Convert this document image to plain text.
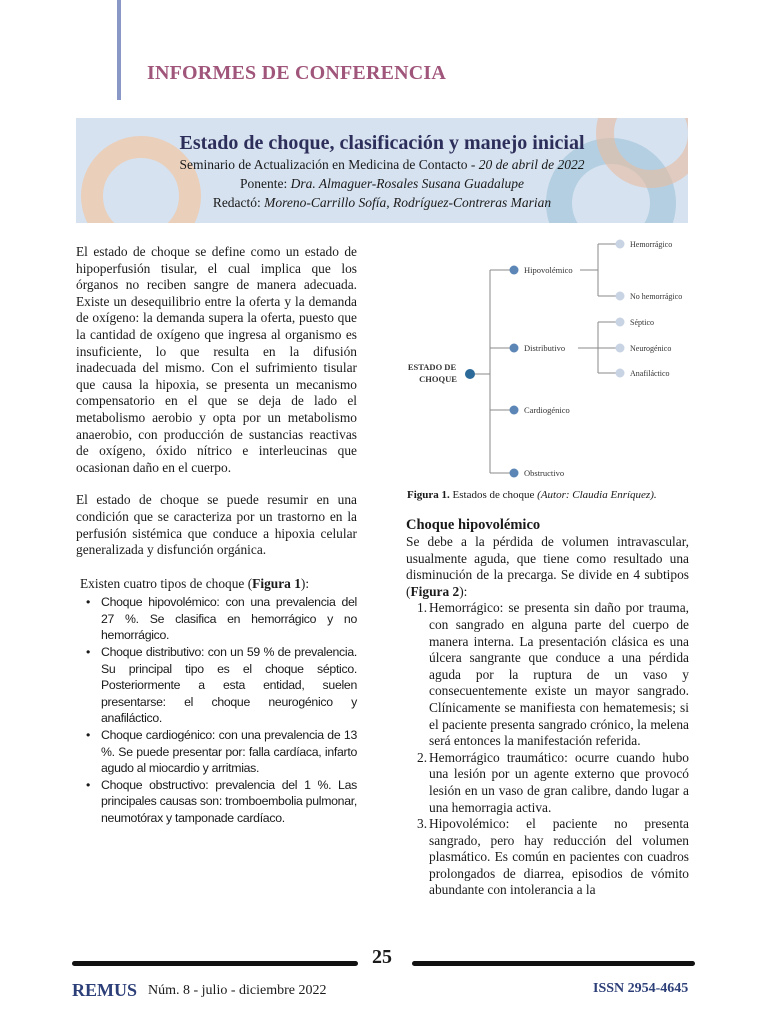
INFORMES DE CONFERENCIA
Estado de choque, clasificación y manejo inicial
Seminario de Actualización en Medicina de Contacto - 20 de abril de 2022
Ponente: Dra. Almaguer-Rosales Susana Guadalupe
Redactó: Moreno-Carrillo Sofía, Rodríguez-Contreras Marian

El estado de choque se define como un estado de hipoperfusión tisular, el cual implica que los órganos no reciben sangre de manera adecuada. Existe un desequilibrio entre la oferta y la demanda de oxígeno: la demanda supera la oferta, puesto que la cantidad de oxígeno que ingresa al organismo es insuficiente, lo que resulta en la difusión inadecuada del mismo. Con el sufrimiento tisular que causa la hipoxia, se presenta un mecanismo compensatorio en el que se deja de lado el metabolismo aerobio y opta por un metabolismo anaerobio, con producción de sustancias reactivas de oxígeno, óxido nítrico e interleucinas que ocasionan daño en el cuerpo.

El estado de choque se puede resumir en una condición que se caracteriza por un trastorno en la perfusión sistémica que conduce a hipoxia celular generalizada y disfunción orgánica.

Existen cuatro tipos de choque (Figura 1):
• Choque hipovolémico: con una prevalencia del 27 %. Se clasifica en hemorrágico y no hemorrágico.
• Choque distributivo: con un 59 % de prevalencia. Su principal tipo es el choque séptico. Posteriormente a esta entidad, suelen presentarse: el choque neurogénico y anafiláctico.
• Choque cardiogénico: con una prevalencia de 13 %. Se puede presentar por: falla cardíaca, infarto agudo al miocardio y arritmias.
• Choque obstructivo: prevalencia del 1 %. Las principales causas son: tromboembolia pulmonar, neumotórax y tamponade cardíaco.
ESTADO DE
CHOQUE
Hipovolémico
Distributivo
Cardiogénico
Obstructivo
Hemorrágico
No hemorrágico
Séptico
Neurogénico
Anafiláctico
Figura 1. Estados de choque (Autor: Claudia Enríquez).
Choque hipovolémico

Se debe a la pérdida de volumen intravascular, usualmente aguda, que tiene como resultado una disminución de la precarga. Se divide en 4 subtipos (Figura 2):

1. Hemorrágico: se presenta sin daño por trauma, con sangrado en alguna parte del cuerpo de manera interna. La presentación clásica es una úlcera sangrante que conduce a una pérdida aguda por la ruptura de un vaso y consecuentemente existe un mayor sangrado. Clínicamente se manifiesta con hematemesis; si el paciente presenta sangrado crónico, la melena será entonces la manifestación referida.
2. Hemorrágico traumático: ocurre cuando hubo una lesión por un agente externo que provocó lesión en un vaso de gran calibre, dando lugar a una hemorragia activa.
3. Hipovolémico: el paciente no presenta sangrado, pero hay reducción del volumen plasmático. Es común en pacientes con cuadros prolongados de diarrea, episodios de vómito abundante con intolerancia a la
25
REMUS Núm. 8 - julio - diciembre 2022	ISSN 2954-4645
